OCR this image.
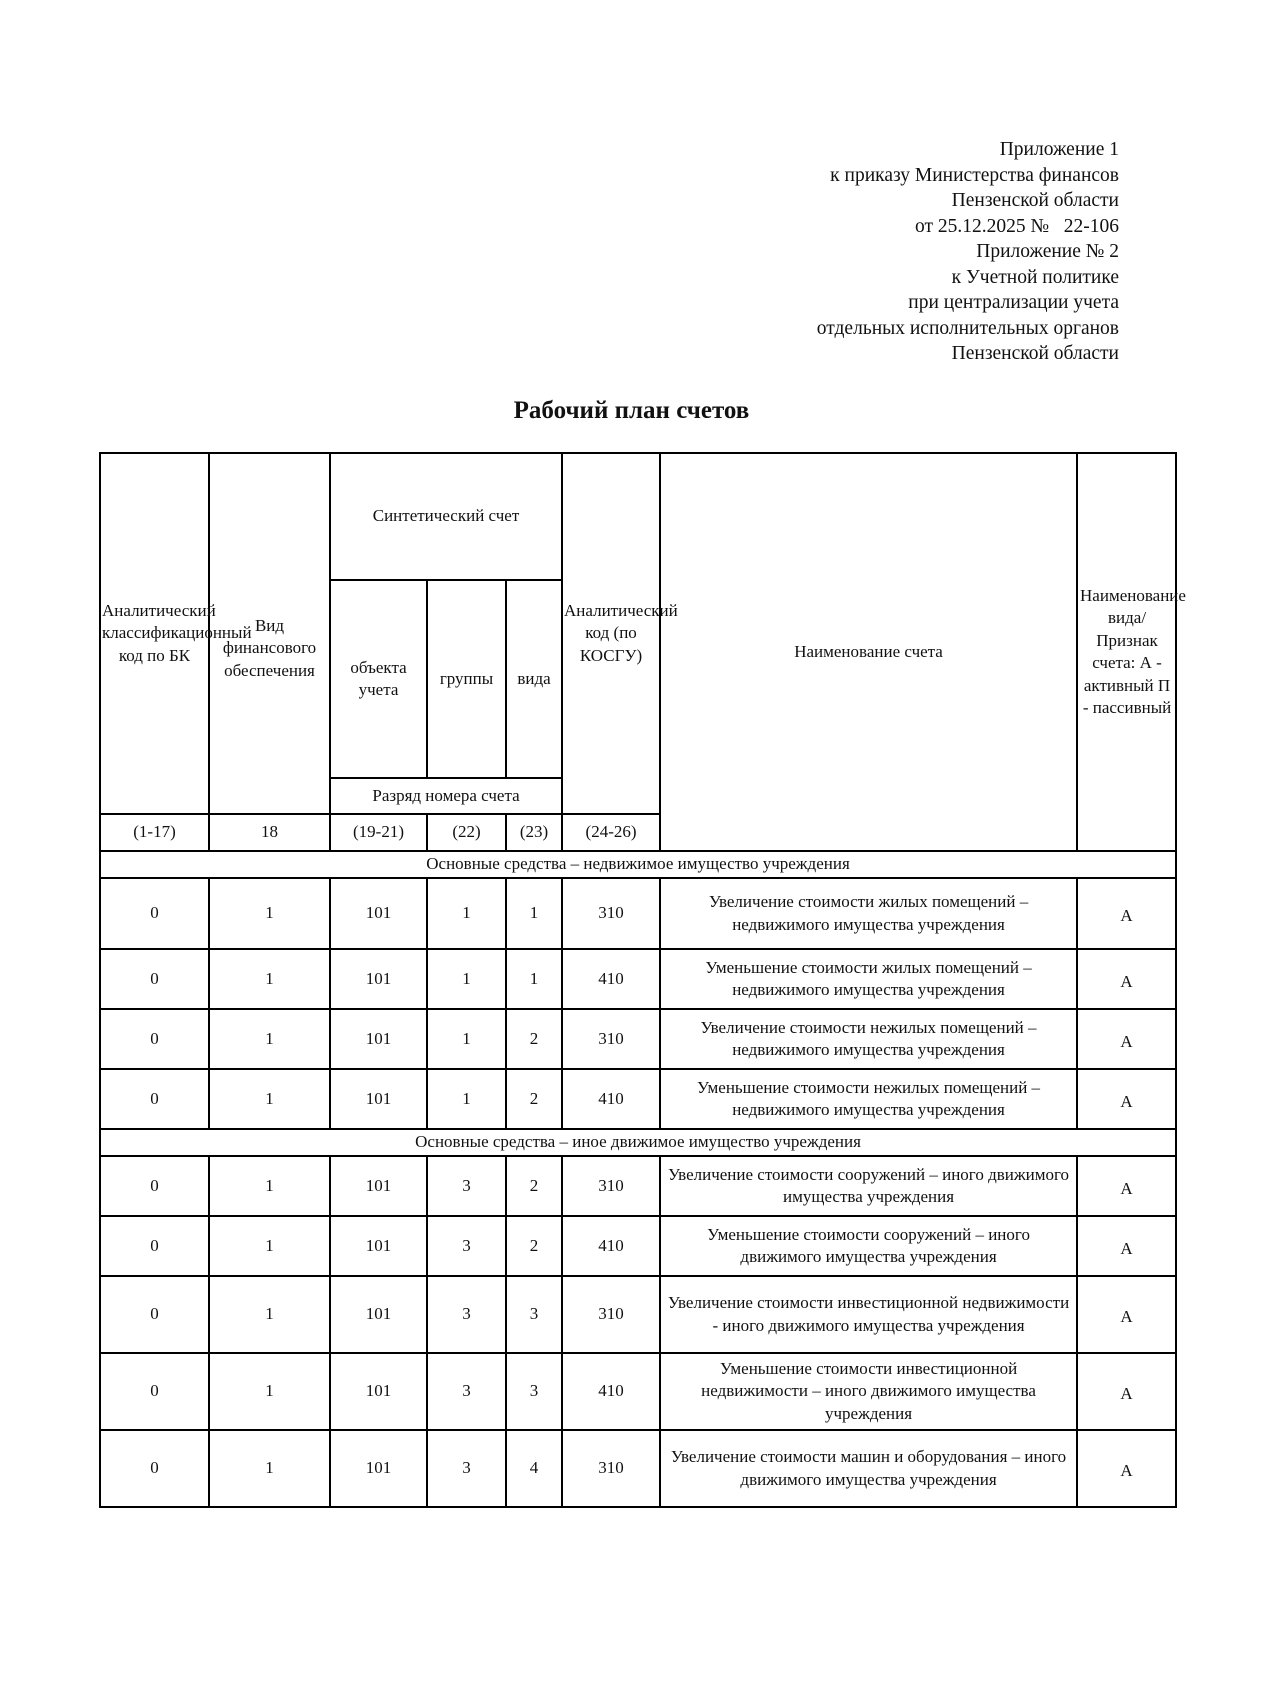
Приложение 1
к приказу Министерства финансов
Пензенской области
от 25.12.2025 №   22-106
Приложение № 2
к Учетной политике
при централизации учета
отдельных исполнительных органов
Пензенской области
Рабочий план счетов
Аналитический классификационный код по БК	Вид финансового обеспечения	Синтетический счет			Аналитический код (по КОСГУ)	Наименование счета	Наименование вида/ Признак счета: А - активный П - пассивный
		объекта учета	группы	вида			
		Разряд номера счета					
(1-17)	18	(19-21)	(22)	(23)	(24-26)		
Основные средства – недвижимое имущество учреждения							
0	1	101	1	1	310	Увеличение стоимости жилых помещений – недвижимого имущества учреждения	А
0	1	101	1	1	410	Уменьшение стоимости жилых помещений – недвижимого имущества учреждения	А
0	1	101	1	2	310	Увеличение стоимости нежилых помещений – недвижимого имущества учреждения	А
0	1	101	1	2	410	Уменьшение стоимости нежилых помещений – недвижимого имущества учреждения	А
Основные средства – иное движимое имущество учреждения							
0	1	101	3	2	310	Увеличение стоимости сооружений – иного движимого имущества учреждения	А
0	1	101	3	2	410	Уменьшение стоимости сооружений – иного движимого имущества учреждения	А
0	1	101	3	3	310	Увеличение стоимости инвестиционной недвижимости - иного движимого имущества учреждения	А
0	1	101	3	3	410	Уменьшение стоимости инвестиционной недвижимости – иного движимого имущества учреждения	А
0	1	101	3	4	310	Увеличение стоимости машин и оборудования – иного движимого имущества учреждения	А
